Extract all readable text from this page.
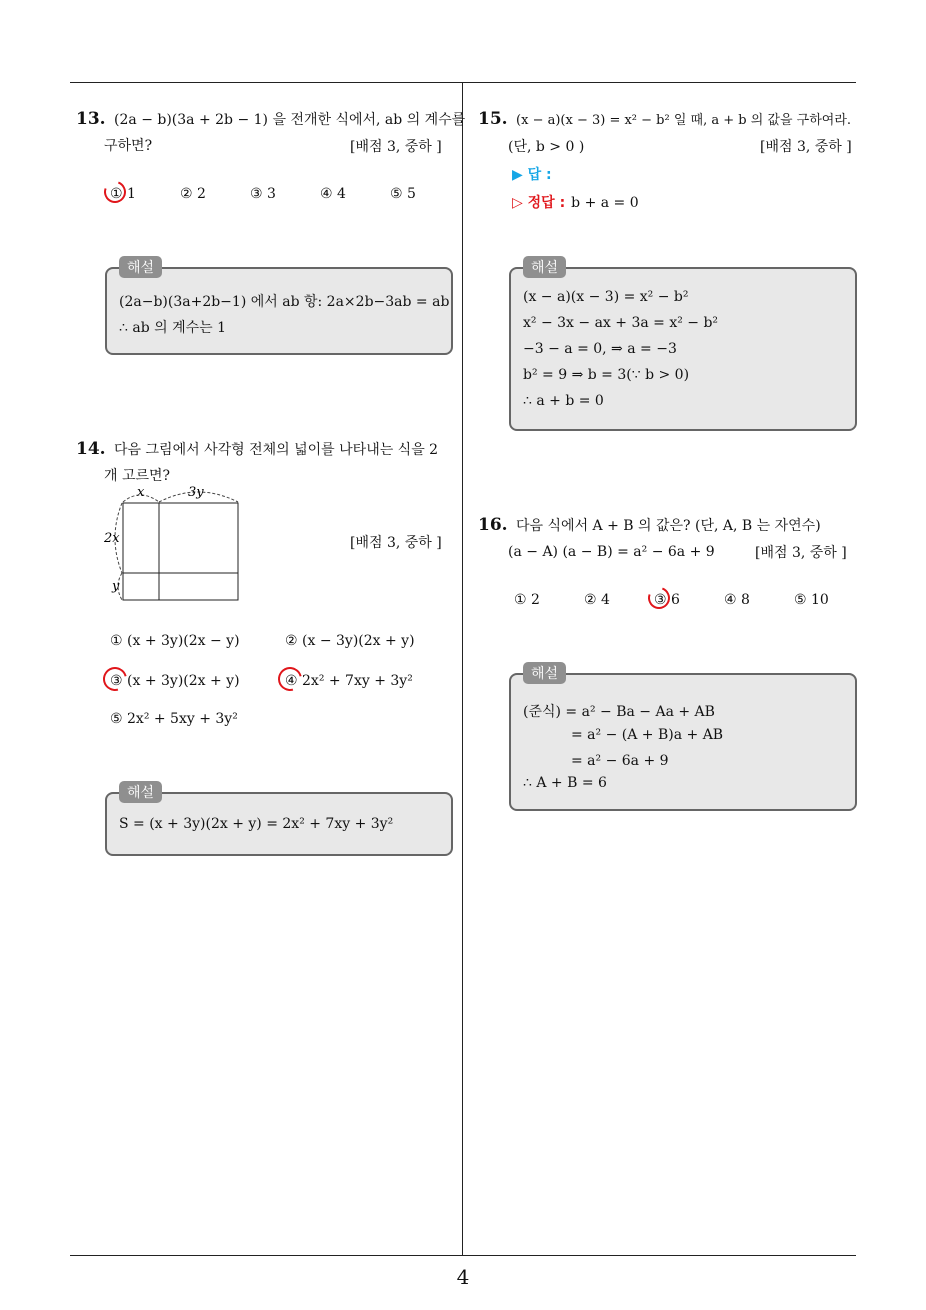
4
13. (2a − b)(3a + 2b − 1) 을 전개한 식에서, ab 의 계수를
구하면?	[배점 3, 중하 ]
① 1	② 2	③ 3	④ 4	⑤ 5
해설
(2a−b)(3a+2b−1) 에서 ab 항: 2a×2b−3ab = ab
∴ ab 의 계수는 1
14. 다음 그림에서 사각형 전체의 넓이를 나타내는 식을 2
개 고르면?
x	3y
2x
y
[배점 3, 중하 ]
① (x + 3y)(2x − y)	② (x − 3y)(2x + y)
③ (x + 3y)(2x + y)	④ 2x² + 7xy + 3y²
⑤ 2x² + 5xy + 3y²
해설
S = (x + 3y)(2x + y) = 2x² + 7xy + 3y²
15. (x − a)(x − 3) = x² − b² 일 때, a + b 의 값을 구하여라.
(단, b > 0 )	[배점 3, 중하 ]
▶ 답 :
▷ 정답 : b + a = 0
해설
(x − a)(x − 3) = x² − b²
x² − 3x − ax + 3a = x² − b²
−3 − a = 0, ⇒ a = −3
b² = 9 ⇒ b = 3(∵ b > 0)
∴ a + b = 0
16. 다음 식에서 A + B 의 값은? (단, A, B 는 자연수)
(a − A) (a − B) = a² − 6a + 9	[배점 3, 중하 ]
① 2	② 4	③ 6	④ 8	⑤ 10
해설
(준식) = a² − Ba − Aa + AB
= a² − (A + B)a + AB
= a² − 6a + 9
∴ A + B = 6
